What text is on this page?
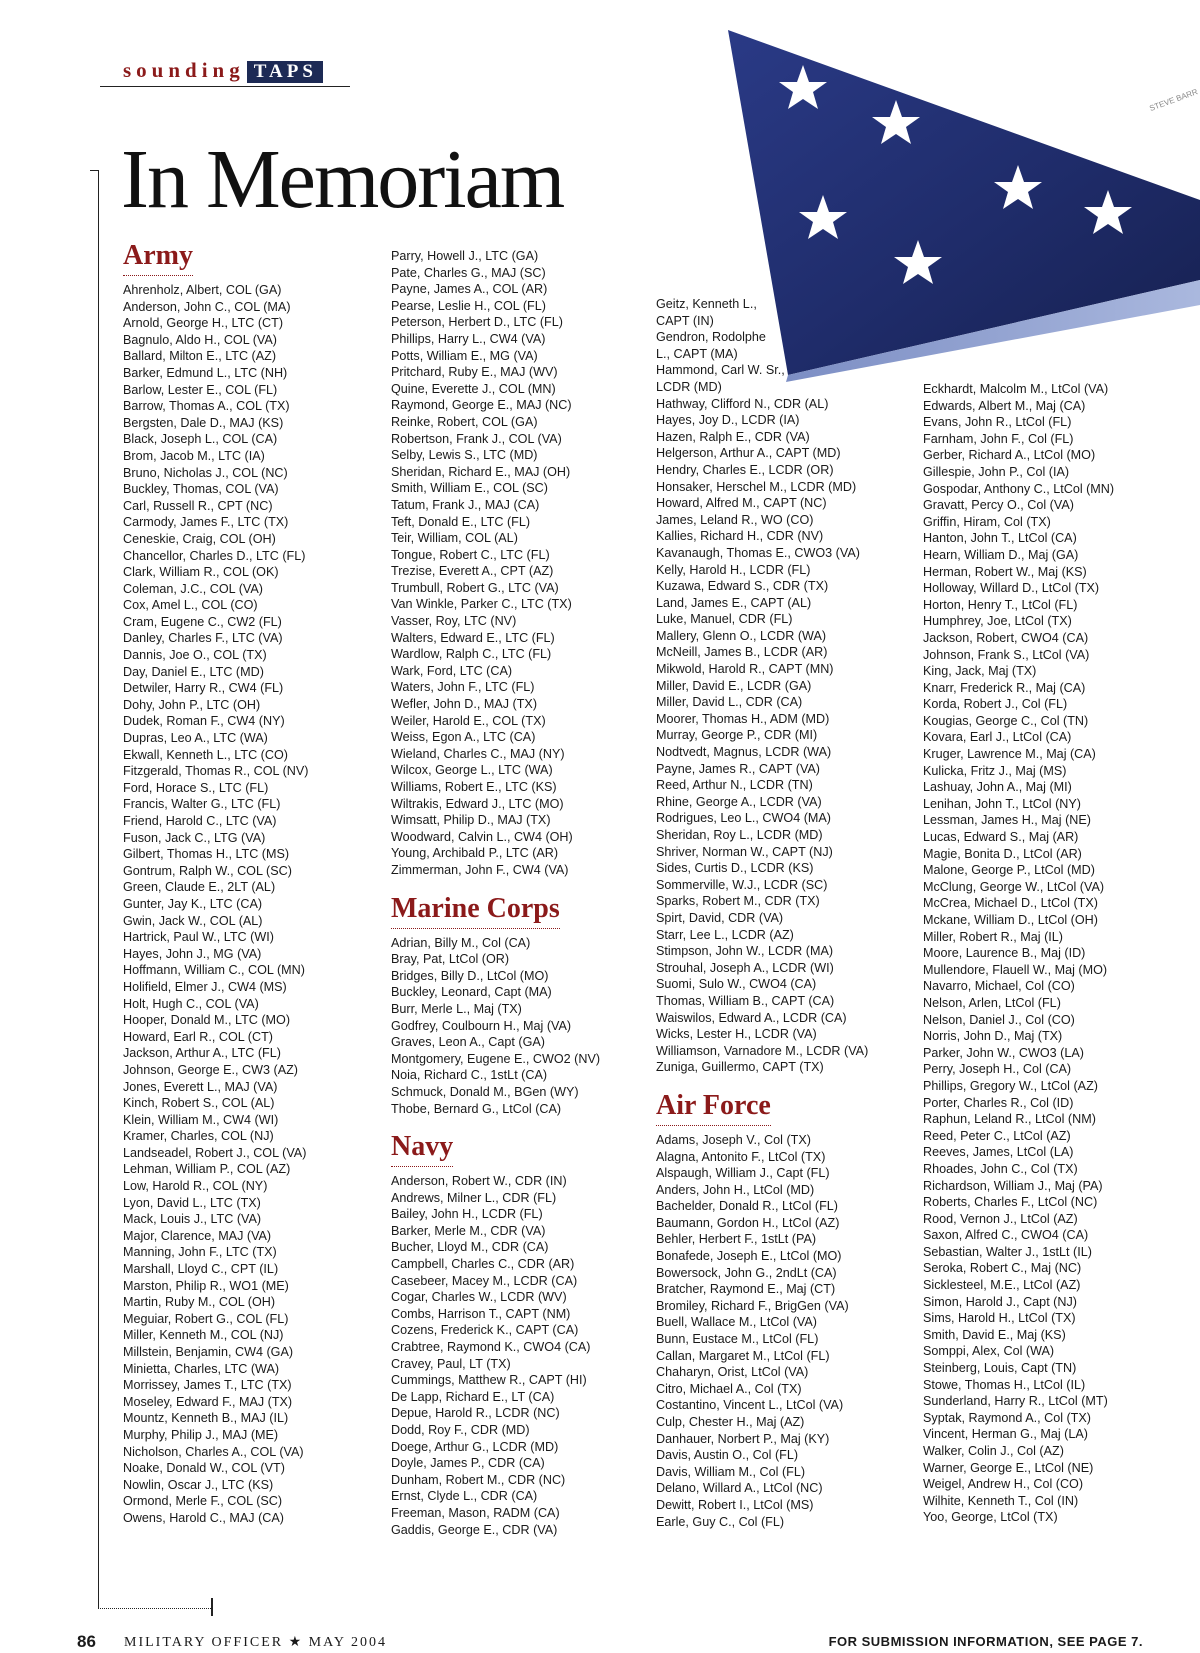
sounding TAPS
In Memoriam
STEVE BARR
Army
Ahrenholz, Albert, COL (GA)
Anderson, John C., COL (MA)
Arnold, George H., LTC (CT)
Bagnulo, Aldo H., COL (VA)
Ballard, Milton E., LTC (AZ)
Barker, Edmund L., LTC (NH)
Barlow, Lester E., COL (FL)
Barrow, Thomas A., COL (TX)
Bergsten, Dale D., MAJ (KS)
Black, Joseph L., COL (CA)
Brom, Jacob M., LTC (IA)
Bruno, Nicholas J., COL (NC)
Buckley, Thomas, COL (VA)
Carl, Russell R., CPT (NC)
Carmody, James F., LTC (TX)
Ceneskie, Craig, COL (OH)
Chancellor, Charles D., LTC (FL)
Clark, William R., COL (OK)
Coleman, J.C., COL (VA)
Cox, Amel L., COL (CO)
Cram, Eugene C., CW2 (FL)
Danley, Charles F., LTC (VA)
Dannis, Joe O., COL (TX)
Day, Daniel E., LTC (MD)
Detwiler, Harry R., CW4 (FL)
Dohy, John P., LTC (OH)
Dudek, Roman F., CW4 (NY)
Dupras, Leo A., LTC (WA)
Ekwall, Kenneth L., LTC (CO)
Fitzgerald, Thomas R., COL (NV)
Ford, Horace S., LTC (FL)
Francis, Walter G., LTC (FL)
Friend, Harold C., LTC (VA)
Fuson, Jack C., LTG (VA)
Gilbert, Thomas H., LTC (MS)
Gontrum, Ralph W., COL (SC)
Green, Claude E., 2LT (AL)
Gunter, Jay K., LTC (CA)
Gwin, Jack W., COL (AL)
Hartrick, Paul W., LTC (WI)
Hayes, John J., MG (VA)
Hoffmann, William C., COL (MN)
Holifield, Elmer J., CW4 (MS)
Holt, Hugh C., COL (VA)
Hooper, Donald M., LTC (MO)
Howard, Earl R., COL (CT)
Jackson, Arthur A., LTC (FL)
Johnson, George E., CW3 (AZ)
Jones, Everett L., MAJ (VA)
Kinch, Robert S., COL (AL)
Klein, William M., CW4 (WI)
Kramer, Charles, COL (NJ)
Landseadel, Robert J., COL (VA)
Lehman, William P., COL (AZ)
Low, Harold R., COL (NY)
Lyon, David L., LTC (TX)
Mack, Louis J., LTC (VA)
Major, Clarence, MAJ (VA)
Manning, John F., LTC (TX)
Marshall, Lloyd C., CPT (IL)
Marston, Philip R., WO1 (ME)
Martin, Ruby M., COL (OH)
Meguiar, Robert G., COL (FL)
Miller, Kenneth M., COL (NJ)
Millstein, Benjamin, CW4 (GA)
Minietta, Charles, LTC (WA)
Morrissey, James T., LTC (TX)
Moseley, Edward F., MAJ (TX)
Mountz, Kenneth B., MAJ (IL)
Murphy, Philip J., MAJ (ME)
Nicholson, Charles A., COL (VA)
Noake, Donald W., COL (VT)
Nowlin, Oscar J., LTC (KS)
Ormond, Merle F., COL (SC)
Owens, Harold C., MAJ (CA)
Parry, Howell J., LTC (GA)
Pate, Charles G., MAJ (SC)
Payne, James A., COL (AR)
Pearse, Leslie H., COL (FL)
Peterson, Herbert D., LTC (FL)
Phillips, Harry L., CW4 (VA)
Potts, William E., MG (VA)
Pritchard, Ruby E., MAJ (WV)
Quine, Everette J., COL (MN)
Raymond, George E., MAJ (NC)
Reinke, Robert, COL (GA)
Robertson, Frank J., COL (VA)
Selby, Lewis S., LTC (MD)
Sheridan, Richard E., MAJ (OH)
Smith, William E., COL (SC)
Tatum, Frank J., MAJ (CA)
Teft, Donald E., LTC (FL)
Teir, William, COL (AL)
Tongue, Robert C., LTC (FL)
Trezise, Everett A., CPT (AZ)
Trumbull, Robert G., LTC (VA)
Van Winkle, Parker C., LTC (TX)
Vasser, Roy, LTC (NV)
Walters, Edward E., LTC (FL)
Wardlow, Ralph C., LTC (FL)
Wark, Ford, LTC (CA)
Waters, John F., LTC (FL)
Wefler, John D., MAJ (TX)
Weiler, Harold E., COL (TX)
Weiss, Egon A., LTC (CA)
Wieland, Charles C., MAJ (NY)
Wilcox, George L., LTC (WA)
Williams, Robert E., LTC (KS)
Wiltrakis, Edward J., LTC (MO)
Wimsatt, Philip D., MAJ (TX)
Woodward, Calvin L., CW4 (OH)
Young, Archibald P., LTC (AR)
Zimmerman, John F., CW4 (VA)
Marine Corps
Adrian, Billy M., Col (CA)
Bray, Pat, LtCol (OR)
Bridges, Billy D., LtCol (MO)
Buckley, Leonard, Capt (MA)
Burr, Merle L., Maj (TX)
Godfrey, Coulbourn H., Maj (VA)
Graves, Leon A., Capt (GA)
Montgomery, Eugene E., CWO2 (NV)
Noia, Richard C., 1stLt (CA)
Schmuck, Donald M., BGen (WY)
Thobe, Bernard G., LtCol (CA)
Navy
Anderson, Robert W., CDR (IN)
Andrews, Milner L., CDR (FL)
Bailey, John H., LCDR (FL)
Barker, Merle M., CDR (VA)
Bucher, Lloyd M., CDR (CA)
Campbell, Charles C., CDR (AR)
Casebeer, Macey M., LCDR (CA)
Cogar, Charles W., LCDR (WV)
Combs, Harrison T., CAPT (NM)
Cozens, Frederick K., CAPT (CA)
Crabtree, Raymond K., CWO4 (CA)
Cravey, Paul, LT (TX)
Cummings, Matthew R., CAPT (HI)
De Lapp, Richard E., LT (CA)
Depue, Harold R., LCDR (NC)
Dodd, Roy F., CDR (MD)
Doege, Arthur G., LCDR (MD)
Doyle, James P., CDR (CA)
Dunham, Robert M., CDR (NC)
Ernst, Clyde L., CDR (CA)
Freeman, Mason, RADM (CA)
Gaddis, George E., CDR (VA)
Geitz, Kenneth L.,
CAPT (IN)
Gendron, Rodolphe
L., CAPT (MA)
Hammond, Carl W. Sr.,
LCDR (MD)
Hathway, Clifford N., CDR (AL)
Hayes, Joy D., LCDR (IA)
Hazen, Ralph E., CDR (VA)
Helgerson, Arthur A., CAPT (MD)
Hendry, Charles E., LCDR (OR)
Honsaker, Herschel M., LCDR (MD)
Howard, Alfred M., CAPT (NC)
James, Leland R., WO (CO)
Kallies, Richard H., CDR (NV)
Kavanaugh, Thomas E., CWO3 (VA)
Kelly, Harold H., LCDR (FL)
Kuzawa, Edward S., CDR (TX)
Land, James E., CAPT (AL)
Luke, Manuel, CDR (FL)
Mallery, Glenn O., LCDR (WA)
McNeill, James B., LCDR (AR)
Mikwold, Harold R., CAPT (MN)
Miller, David E., LCDR (GA)
Miller, David L., CDR (CA)
Moorer, Thomas H., ADM (MD)
Murray, George P., CDR (MI)
Nodtvedt, Magnus, LCDR (WA)
Payne, James R., CAPT (VA)
Reed, Arthur N., LCDR (TN)
Rhine, George A., LCDR (VA)
Rodrigues, Leo L., CWO4 (MA)
Sheridan, Roy L., LCDR (MD)
Shriver, Norman W., CAPT (NJ)
Sides, Curtis D., LCDR (KS)
Sommerville, W.J., LCDR (SC)
Sparks, Robert M., CDR (TX)
Spirt, David, CDR (VA)
Starr, Lee L., LCDR (AZ)
Stimpson, John W., LCDR (MA)
Strouhal, Joseph A., LCDR (WI)
Suomi, Sulo W., CWO4 (CA)
Thomas, William B., CAPT (CA)
Waiswilos, Edward A., LCDR (CA)
Wicks, Lester H., LCDR (VA)
Williamson, Varnadore M., LCDR (VA)
Zuniga, Guillermo, CAPT (TX)
Air Force
Adams, Joseph V., Col (TX)
Alagna, Antonito F., LtCol (TX)
Alspaugh, William J., Capt (FL)
Anders, John H., LtCol (MD)
Bachelder, Donald R., LtCol (FL)
Baumann, Gordon H., LtCol (AZ)
Behler, Herbert F., 1stLt (PA)
Bonafede, Joseph E., LtCol (MO)
Bowersock, John G., 2ndLt (CA)
Bratcher, Raymond E., Maj (CT)
Bromiley, Richard F., BrigGen (VA)
Buell, Wallace M., LtCol (VA)
Bunn, Eustace M., LtCol (FL)
Callan, Margaret M., LtCol (FL)
Chaharyn, Orist, LtCol (VA)
Citro, Michael A., Col (TX)
Costantino, Vincent L., LtCol (VA)
Culp, Chester H., Maj (AZ)
Danhauer, Norbert P., Maj (KY)
Davis, Austin O., Col (FL)
Davis, William M., Col (FL)
Delano, Willard A., LtCol (NC)
Dewitt, Robert I., LtCol (MS)
Earle, Guy C., Col (FL)
Eckhardt, Malcolm M., LtCol (VA)
Edwards, Albert M., Maj (CA)
Evans, John R., LtCol (FL)
Farnham, John F., Col (FL)
Gerber, Richard A., LtCol (MO)
Gillespie, John P., Col (IA)
Gospodar, Anthony C., LtCol (MN)
Gravatt, Percy O., Col (VA)
Griffin, Hiram, Col (TX)
Hanton, John T., LtCol (CA)
Hearn, William D., Maj (GA)
Herman, Robert W., Maj (KS)
Holloway, Willard D., LtCol (TX)
Horton, Henry T., LtCol (FL)
Humphrey, Joe, LtCol (TX)
Jackson, Robert, CWO4 (CA)
Johnson, Frank S., LtCol (VA)
King, Jack, Maj (TX)
Knarr, Frederick R., Maj (CA)
Korda, Robert J., Col (FL)
Kougias, George C., Col (TN)
Kovara, Earl J., LtCol (CA)
Kruger, Lawrence M., Maj (CA)
Kulicka, Fritz J., Maj (MS)
Lashuay, John A., Maj (MI)
Lenihan, John T., LtCol (NY)
Lessman, James H., Maj (NE)
Lucas, Edward S., Maj (AR)
Magie, Bonita D., LtCol (AR)
Malone, George P., LtCol (MD)
McClung, George W., LtCol (VA)
McCrea, Michael D., LtCol (TX)
Mckane, William D., LtCol (OH)
Miller, Robert R., Maj (IL)
Moore, Laurence B., Maj (ID)
Mullendore, Flauell W., Maj (MO)
Navarro, Michael, Col (CO)
Nelson, Arlen, LtCol (FL)
Nelson, Daniel J., Col (CO)
Norris, John D., Maj (TX)
Parker, John W., CWO3 (LA)
Perry, Joseph H., Col (CA)
Phillips, Gregory W., LtCol (AZ)
Porter, Charles R., Col (ID)
Raphun, Leland R., LtCol (NM)
Reed, Peter C., LtCol (AZ)
Reeves, James, LtCol (LA)
Rhoades, John C., Col (TX)
Richardson, William J., Maj (PA)
Roberts, Charles F., LtCol (NC)
Rood, Vernon J., LtCol (AZ)
Saxon, Alfred C., CWO4 (CA)
Sebastian, Walter J., 1stLt (IL)
Seroka, Robert C., Maj (NC)
Sicklesteel, M.E., LtCol (AZ)
Simon, Harold J., Capt (NJ)
Sims, Harold H., LtCol (TX)
Smith, David E., Maj (KS)
Somppi, Alex, Col (WA)
Steinberg, Louis, Capt (TN)
Stowe, Thomas H., LtCol (IL)
Sunderland, Harry R., LtCol (MT)
Syptak, Raymond A., Col (TX)
Vincent, Herman G., Maj (LA)
Walker, Colin J., Col (AZ)
Warner, George E., LtCol (NE)
Weigel, Andrew H., Col (CO)
Wilhite, Kenneth T., Col (IN)
Yoo, George, LtCol (TX)
86 MILITARY OFFICER ★ MAY 2004	FOR SUBMISSION INFORMATION, SEE PAGE 7.
